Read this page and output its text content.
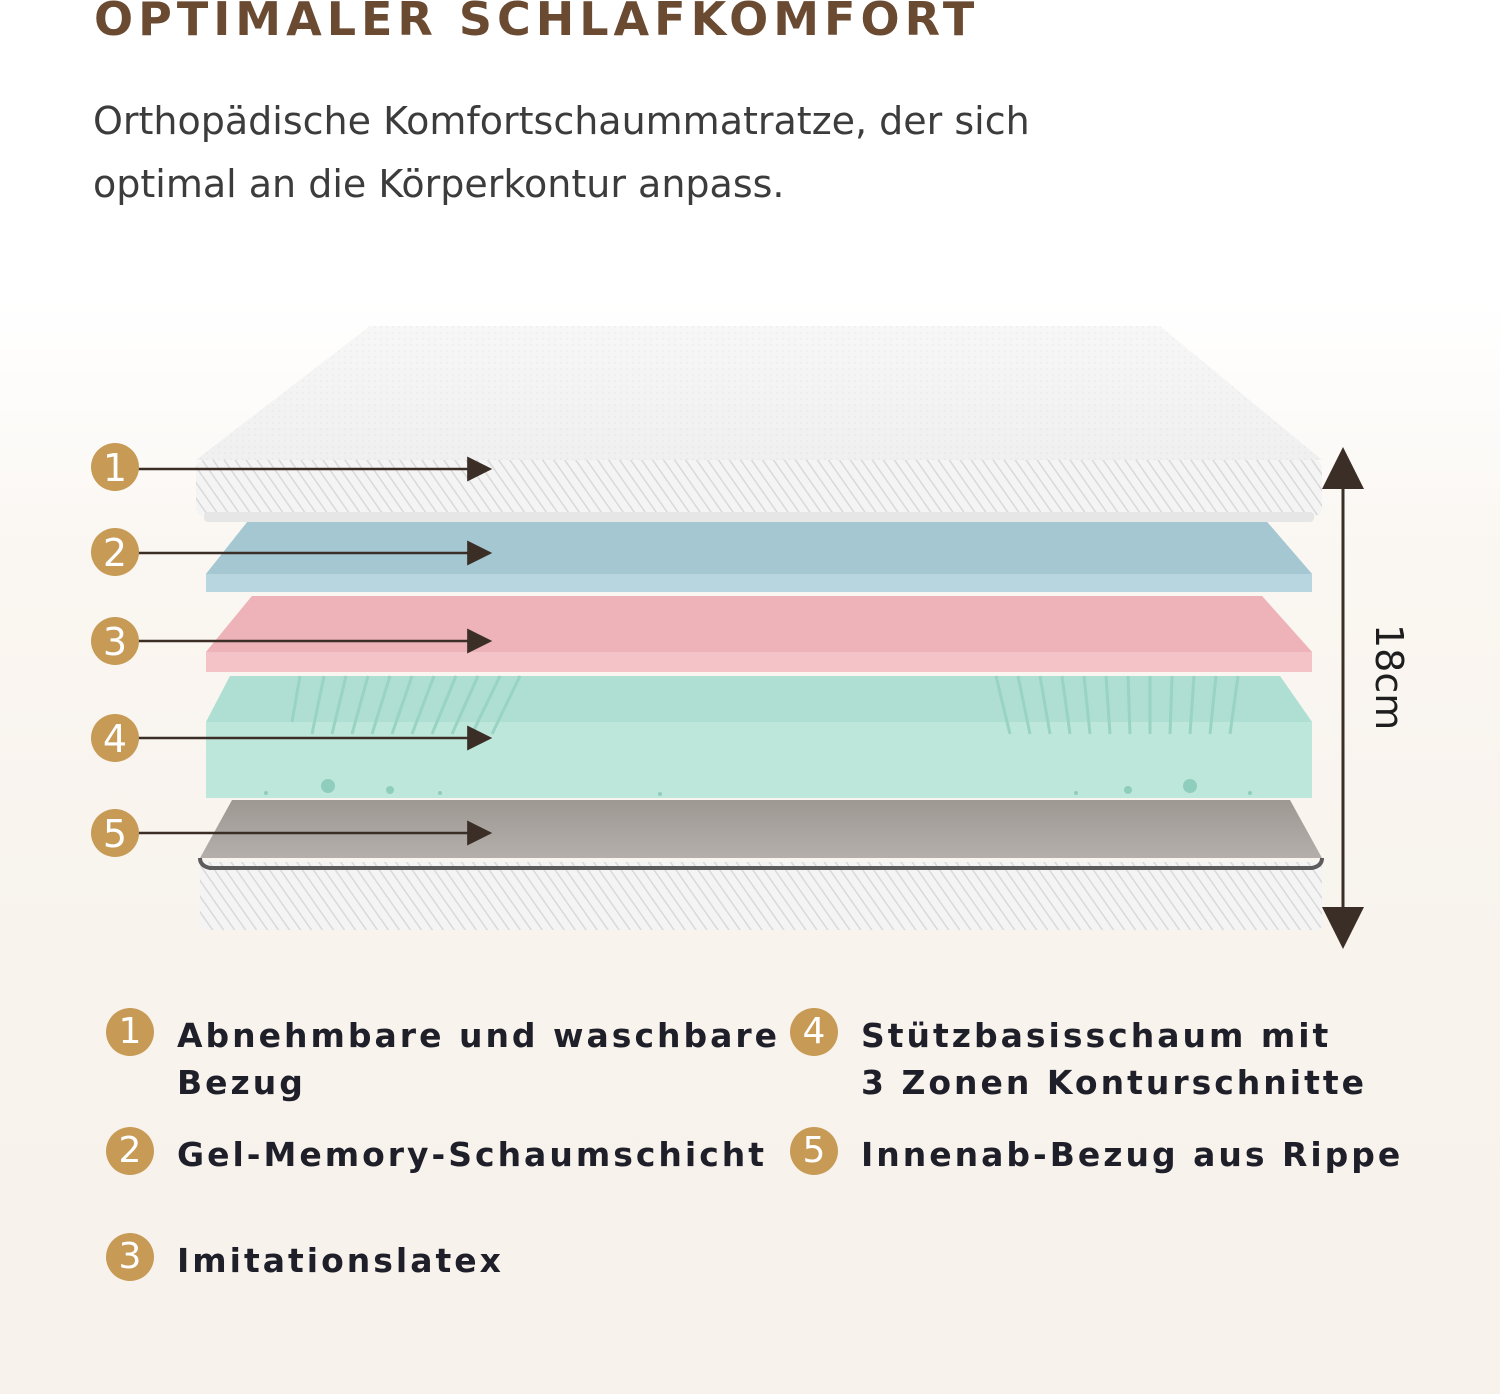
OPTIMALER SCHLAFKOMFORT

Orthopädische Komfortschaummatratze, der sich optimal an die Körperkontur anpass.

18cm
1
2
3
4
5
1	Abnehmbare und waschbare
Bezug
2	Gel-Memory-Schaumschicht
3	Imitationslatex
4	Stützbasisschaum mit
3 Zonen Konturschnitte
5	Innenab-Bezug aus Rippe
